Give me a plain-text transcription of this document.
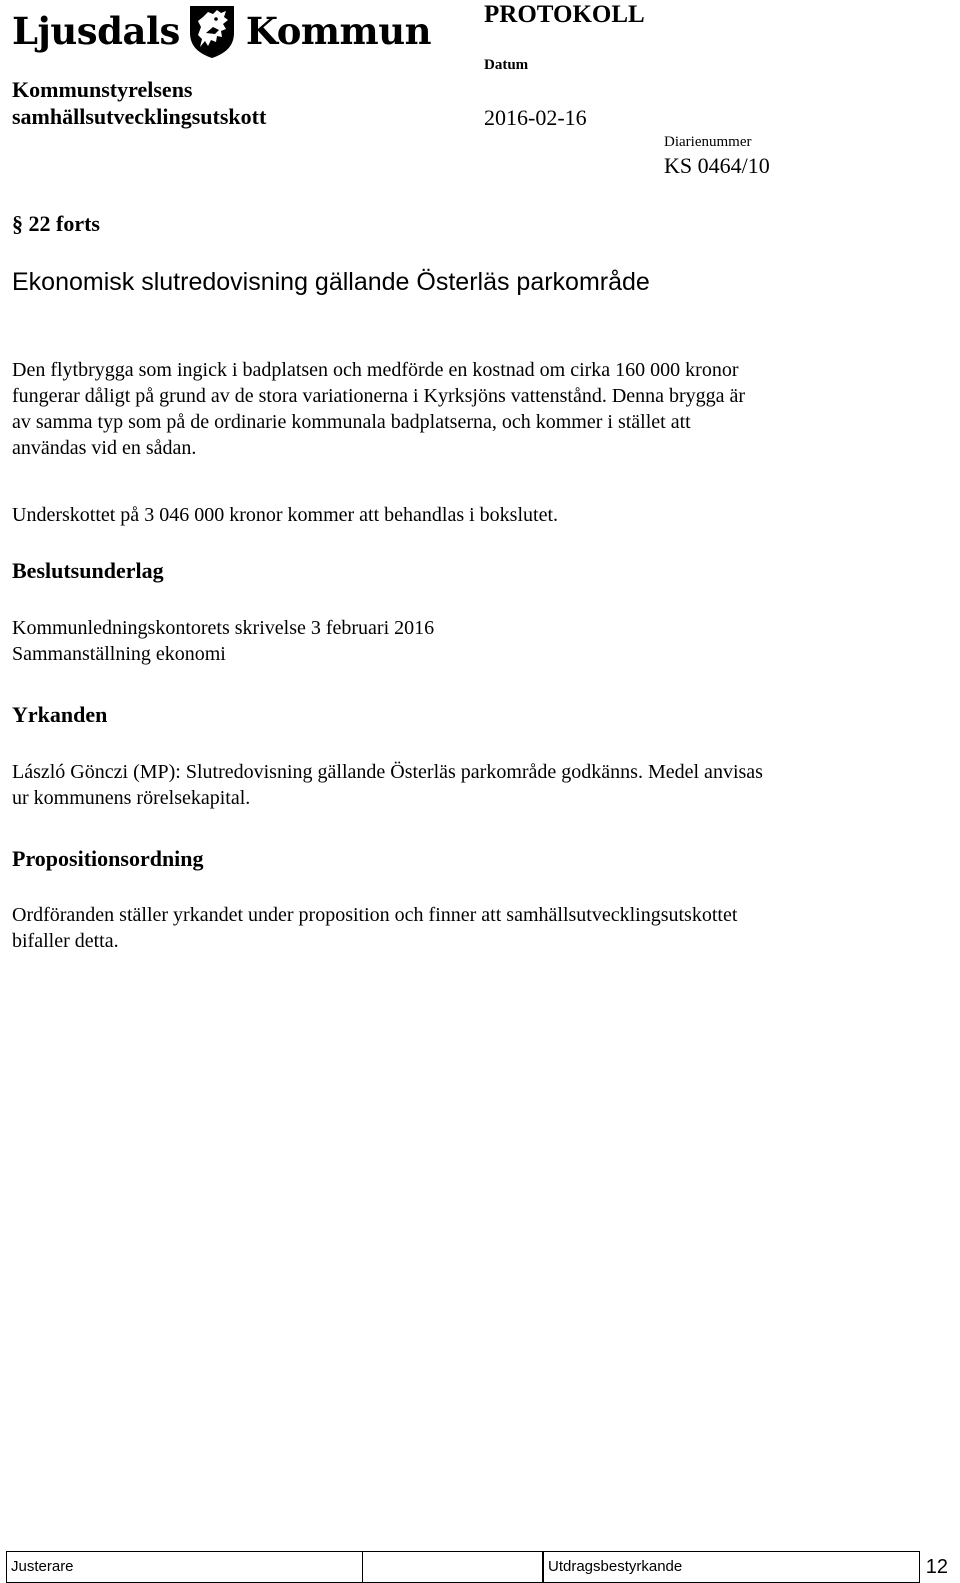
Ljusdals Kommun
Kommunstyrelsens
samhällsutvecklingsutskott
PROTOKOLL
Datum
2016-02-16
Diarienummer
KS 0464/10
§ 22 forts
Ekonomisk slutredovisning gällande Österläs parkområde
Den flytbrygga som ingick i badplatsen och medförde en kostnad om cirka 160 000 kronor
fungerar dåligt på grund av de stora variationerna i Kyrksjöns vattenstånd. Denna brygga är
av samma typ som på de ordinarie kommunala badplatserna, och kommer i stället att
användas vid en sådan.
Underskottet på 3 046 000 kronor kommer att behandlas i bokslutet.
Beslutsunderlag
Kommunledningskontorets skrivelse 3 februari 2016
Sammanställning ekonomi
Yrkanden
László Gönczi (MP): Slutredovisning gällande Österläs parkområde godkänns. Medel anvisas
ur kommunens rörelsekapital.
Propositionsordning
Ordföranden ställer yrkandet under proposition och finner att samhällsutvecklingsutskottet
bifaller detta.
Justerare	Utdragsbestyrkande	12
